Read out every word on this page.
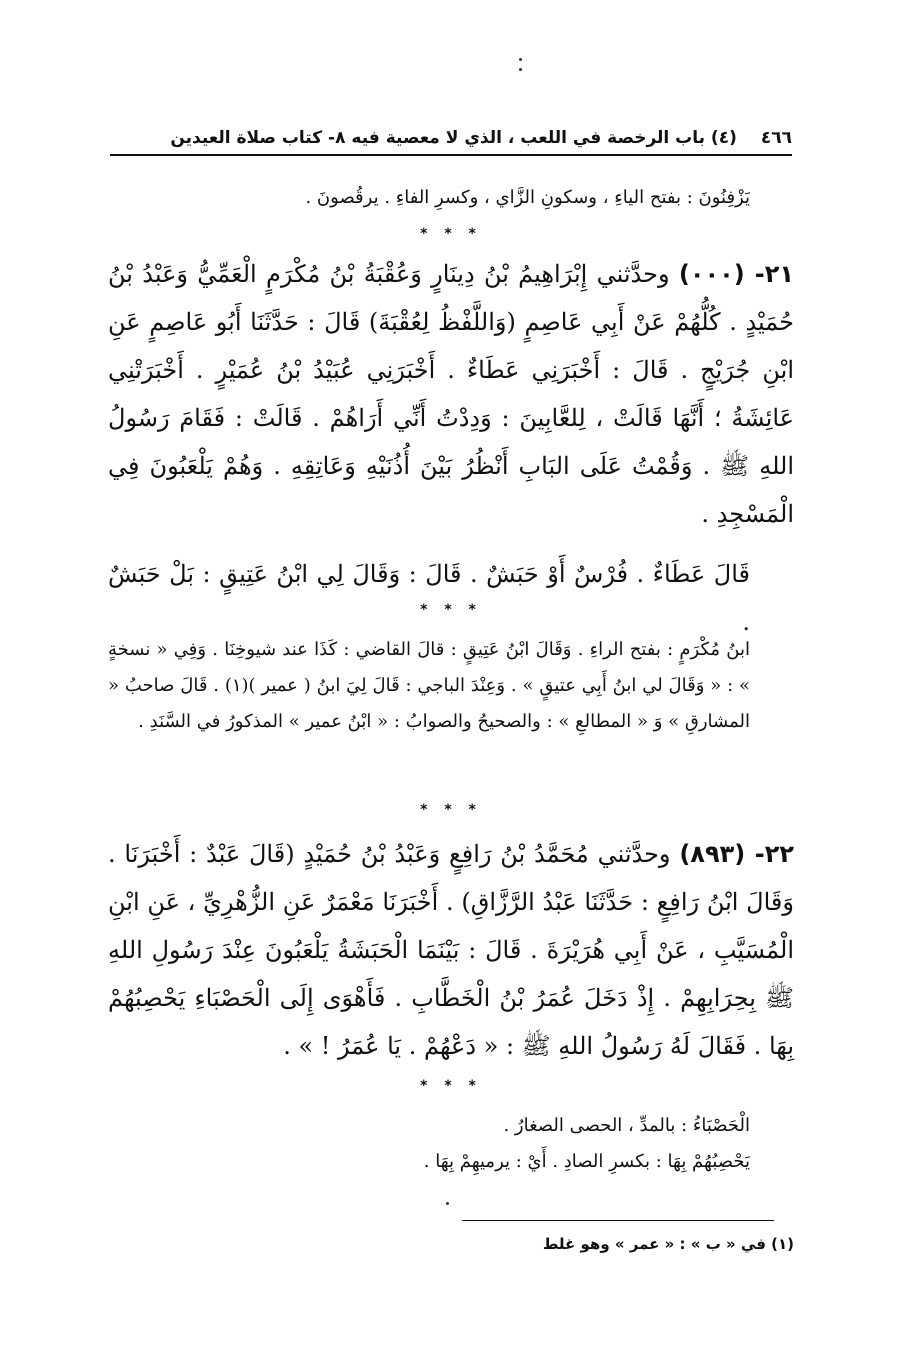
٤٦٦(٤) باب الرخصة في اللعب ، الذي لا معصية فيه ٨- كتاب صلاة العيدين
يَزْفِنُونَ : بفتح الياءِ ، وسكونِ الزَّاي ، وكسرِ الفاءِ . يرقُصونَ .
* * *
٢١- (٠٠٠) وحدَّثني إِبْرَاهِيمُ بْنُ دِينَارٍ وَعُقْبَةُ بْنُ مُكْرَمٍ الْعَمِّيُّ وَعَبْدُ بْنُ حُمَيْدٍ . كُلُّهُمْ عَنْ أَبِي عَاصِمٍ (وَاللَّفْظُ لِعُقْبَةَ) قَالَ : حَدَّثَنَا أَبُو عَاصِمٍ عَنِ ابْنِ جُرَيْجٍ . قَالَ : أَخْبَرَنِي عَطَاءٌ . أَخْبَرَنِي عُبَيْدُ بْنُ عُمَيْرٍ . أَخْبَرَتْنِي عَائِشَةُ ؛ أَنَّهَا قَالَتْ ، لِلعَّابِينَ : وَدِدْتُ أَنِّي أَرَاهُمْ . قَالَتْ : فَقَامَ رَسُولُ اللهِ ﷺ . وَقُمْتُ عَلَى البَابِ أَنْظُرُ بَيْنَ أُذُنَيْهِ وَعَاتِقِهِ . وَهُمْ يَلْعَبُونَ فِي الْمَسْجِدِ .
قَالَ عَطَاءٌ . فُرْسٌ أَوْ حَبَشٌ . قَالَ : وَقَالَ لِي ابْنُ عَتِيقٍ : بَلْ حَبَشٌ .
* * *
ابنُ مُكْرَمٍ : بفتح الراءِ . وَقَالَ ابْنُ عَتِيقٍ : قالَ القاضي : كَذَا عند شيوخِنَا . وَفِي « نسخةٍ » : « وَقَالَ لي ابنُ أَبِي عتيقٍ » . وَعِنْدَ الباجي : قَالَ لِيَ ابنُ ( عمير )(١) . قَالَ صاحبُ « المشارقِ » وَ « المطالعِ » : والصحيحُ والصوابُ : « ابْنُ عمير » المذكورُ في السَّنَدِ .
* * *
٢٢- (٨٩٣) وحدَّثني مُحَمَّدُ بْنُ رَافِعٍ وَعَبْدُ بْنُ حُمَيْدٍ (قَالَ عَبْدٌ : أَخْبَرَنَا . وَقَالَ ابْنُ رَافِعٍ : حَدَّثَنَا عَبْدُ الرَّزَّاقِ) . أَخْبَرَنَا مَعْمَرٌ عَنِ الزُّهْرِيِّ ، عَنِ ابْنِ الْمُسَيَّبِ ، عَنْ أَبِي هُرَيْرَةَ . قَالَ : بَيْنَمَا الْحَبَشَةُ يَلْعَبُونَ عِنْدَ رَسُولِ اللهِ ﷺ بِحِرَابِهِمْ . إِذْ دَخَلَ عُمَرُ بْنُ الْخَطَّابِ . فَأَهْوَى إِلَى الْحَصْبَاءِ يَحْصِبُهُمْ بِهَا . فَقَالَ لَهُ رَسُولُ اللهِ ﷺ : « دَعْهُمْ . يَا عُمَرُ ! » .
* * *
الْحَصْبَاءُ : بالمدِّ ، الحصى الصغارُ .
يَحْصِبُهُمْ بِهَا : بكسرِ الصادِ . أَيْ : يرميهِمْ بِهَا .
(١) في « ب » : « عمر » وهو غلط
